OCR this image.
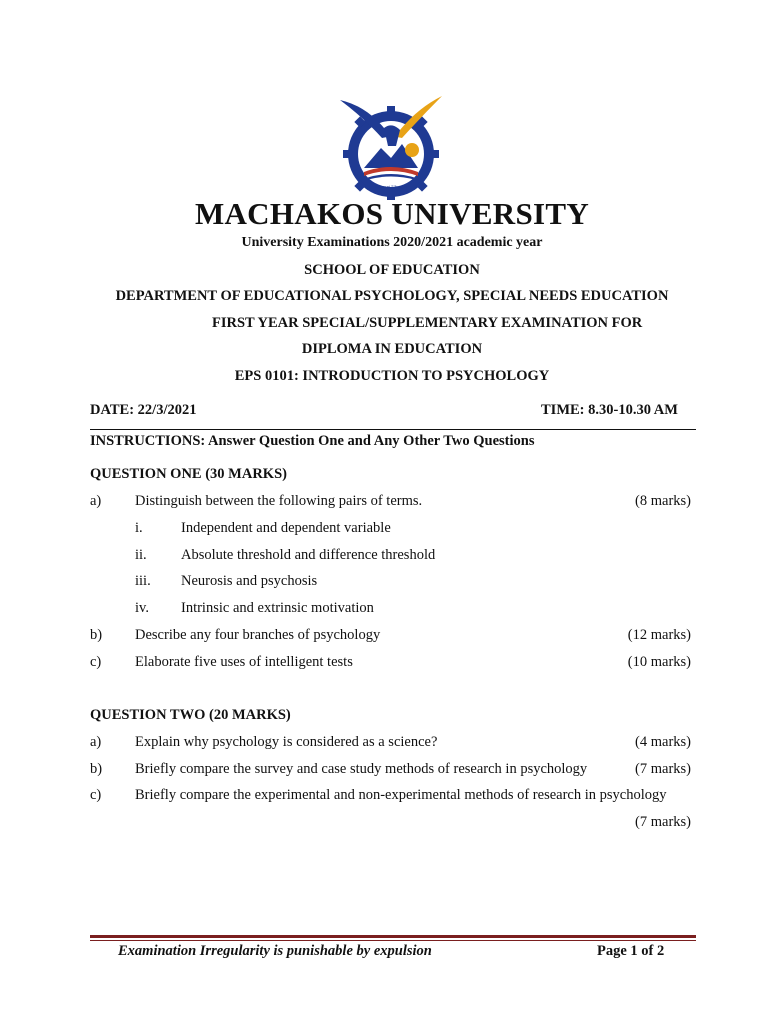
Elimu ni Ufunguo
MACHAKOS UNIVERSITY
University Examinations 2020/2021 academic year
SCHOOL OF EDUCATION
DEPARTMENT OF EDUCATIONAL PSYCHOLOGY, SPECIAL NEEDS EDUCATION
FIRST YEAR SPECIAL/SUPPLEMENTARY EXAMINATION FOR
DIPLOMA IN EDUCATION
EPS 0101: INTRODUCTION TO PSYCHOLOGY
DATE: 22/3/2021	TIME: 8.30-10.30 AM
INSTRUCTIONS: Answer Question One and Any Other Two Questions
QUESTION ONE (30 MARKS)
a) Distinguish between the following pairs of terms.	(8 marks)
i.	Independent and dependent variable
ii. Absolute threshold and difference threshold
iii. Neurosis and psychosis
iv. Intrinsic and extrinsic motivation
b) Describe any four branches of psychology	(12 marks)
c) Elaborate five uses of intelligent tests	(10 marks)
QUESTION TWO (20 MARKS)
a) Explain why psychology is considered as a science?	(4 marks)
b) Briefly compare the survey and case study methods of research in psychology	(7 marks)
c) Briefly compare the experimental and non-experimental methods of research in psychology
(7 marks)
Examination Irregularity is punishable by expulsion	Page 1 of 2
